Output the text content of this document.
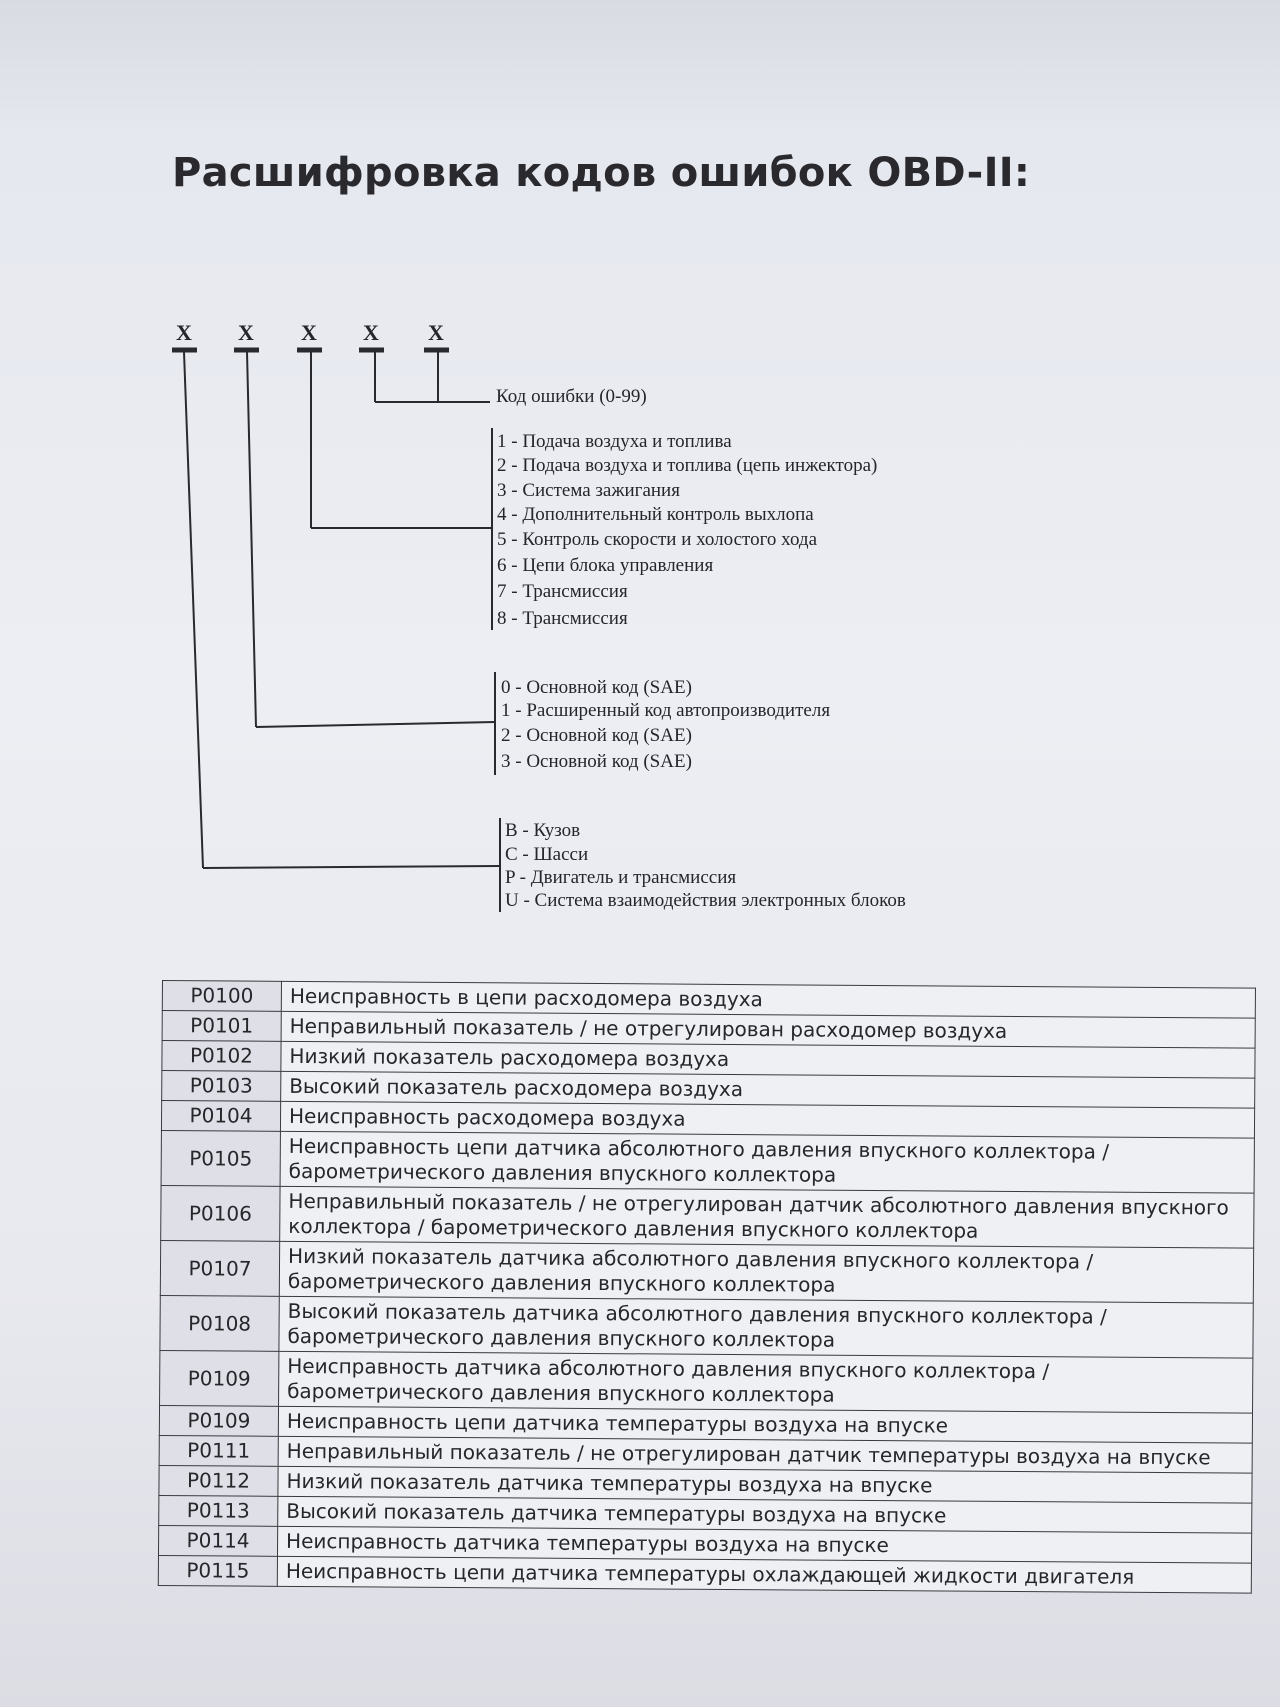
Расшифровка кодов ошибок OBD-II:
X X X X X
Код ошибки (0-99)
1 - Подача воздуха и топлива
2 - Подача воздуха и топлива (цепь инжектора)
3 - Система зажигания
4 - Дополнительный контроль выхлопа
5 - Контроль скорости и холостого хода
6 - Цепи блока управления
7 - Трансмиссия
8 - Трансмиссия
0 - Основной код (SAE)
1 - Расширенный код автопроизводителя
2 - Основной код (SAE)
3 - Основной код (SAE)
B - Кузов
C - Шасси
P - Двигатель и трансмиссия
U - Система взаимодействия электронных блоков
P0100	Неисправность в цепи расходомера воздуха
P0101	Неправильный показатель / не отрегулирован расходомер воздуха
P0102	Низкий показатель расходомера воздуха
P0103	Высокий показатель расходомера воздуха
P0104	Неисправность расходомера воздуха
P0105	Неисправность цепи датчика абсолютного давления впускного коллектора / барометрического давления впускного коллектора
P0106	Неправильный показатель / не отрегулирован датчик абсолютного давления впускного коллектора / барометрического давления впускного коллектора
P0107	Низкий показатель датчика абсолютного давления впускного коллектора / барометрического давления впускного коллектора
P0108	Высокий показатель датчика абсолютного давления впускного коллектора / барометрического давления впускного коллектора
P0109	Неисправность датчика абсолютного давления впускного коллектора / барометрического давления впускного коллектора
P0109	Неисправность цепи датчика температуры воздуха на впуске
P0111	Неправильный показатель / не отрегулирован датчик температуры воздуха на впуске
P0112	Низкий показатель датчика температуры воздуха на впуске
P0113	Высокий показатель датчика температуры воздуха на впуске
P0114	Неисправность датчика температуры воздуха на впуске
P0115	Неисправность цепи датчика температуры охлаждающей жидкости двигателя
